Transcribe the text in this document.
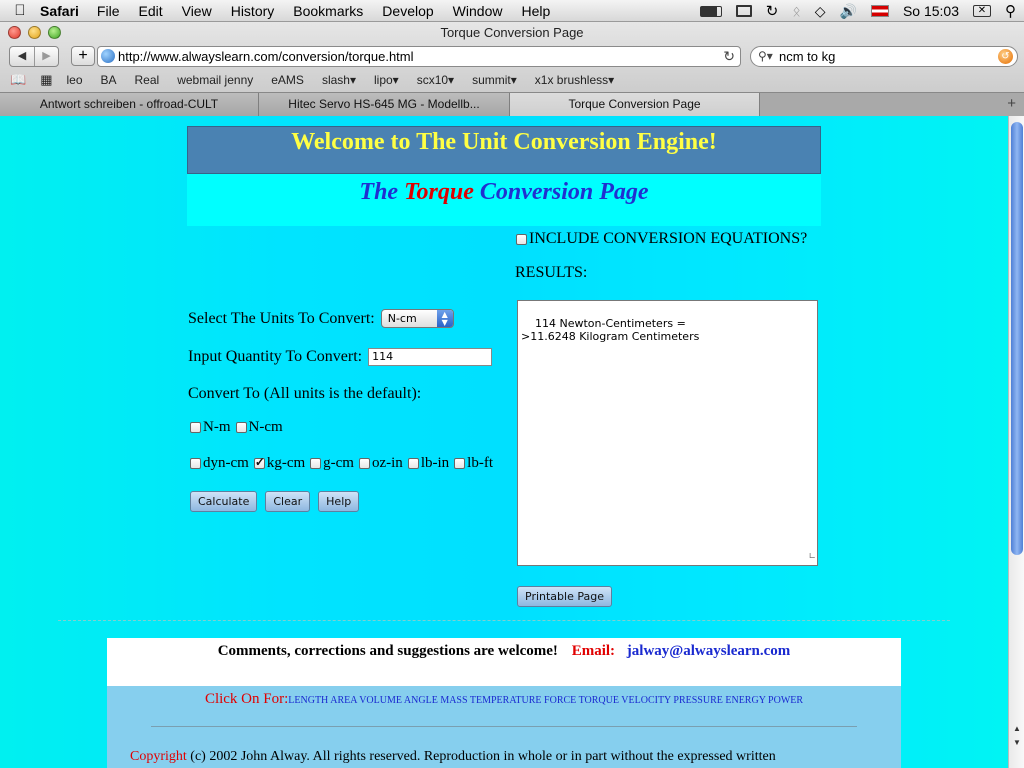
Safari File Edit View History Bookmarks Develop Window Help	↻ ᛟ ◇ 🔊	So 15:03	✕	⚲
Torque Conversion Page
◀	▶	+	http://www.alwayslearn.com/conversion/torque.html	↻ ⚲▾ ncm to kg	↺
📖 ▦ leo BA Real webmail jenny eAMS slash▾ lipo▾ scx10▾ summit▾ x1x brushless▾
Antwort schreiben - offroad-CULT	Hitec Servo HS-645 MG - Modellb...	Torque Conversion Page	+
Welcome to The Unit Conversion Engine!
The Torque Conversion Page
INCLUDE CONVERSION EQUATIONS?
RESULTS:

114 Newton-Centimeters =
>11.6248 Kilogram Centimeters

∟

Printable Page
Select The Units To Convert:	N-cm	▲
▼
Input Quantity To Convert: 114
Convert To (All units is the default):
N-m N-cm
dyn-cm
✓ kg-cm g-cm oz-in lb-in lb-ft
Calculate	Clear	Help
Comments, corrections and suggestions are welcome! Email: jalway@alwayslearn.com
Click On For:LENGTH AREA VOLUME ANGLE MASS TEMPERATURE FORCE TORQUE VELOCITY PRESSURE ENERGY POWER
Copyright (c) 2002 John Alway. All rights reserved. Reproduction in whole or in part without the expressed written
▲
▼
